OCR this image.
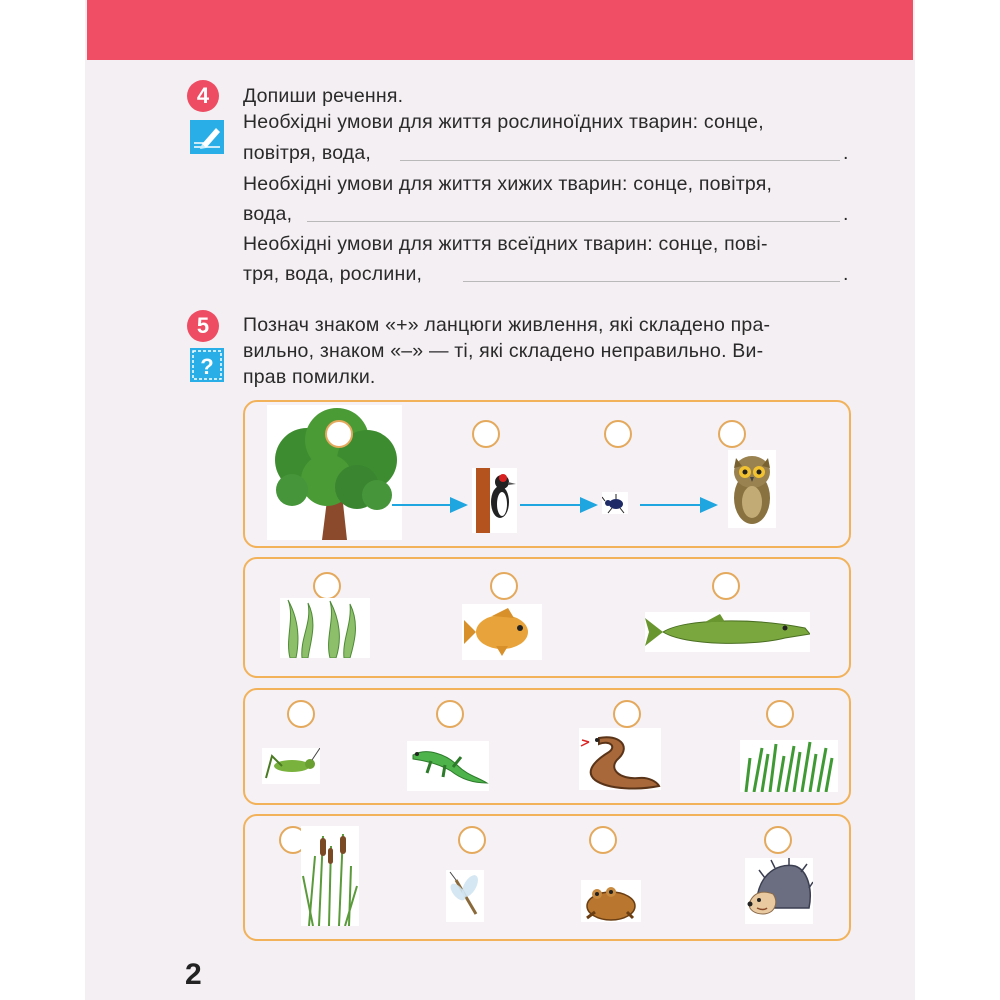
4	Допиши речення.
Необхідні умови для життя рослиноїдних тварин: сонце,
повітря, вода,	.
Необхідні умови для життя хижих тварин: сонце, повітря,
вода,	.
Необхідні умови для життя всеїдних тварин: сонце, пові-
тря, вода, рослини,	.
5
?
Познач знаком «+» ланцюги живлення, які складено пра-
вильно, знаком «–» — ті, які складено неправильно. Ви-
прав помилки.
2
